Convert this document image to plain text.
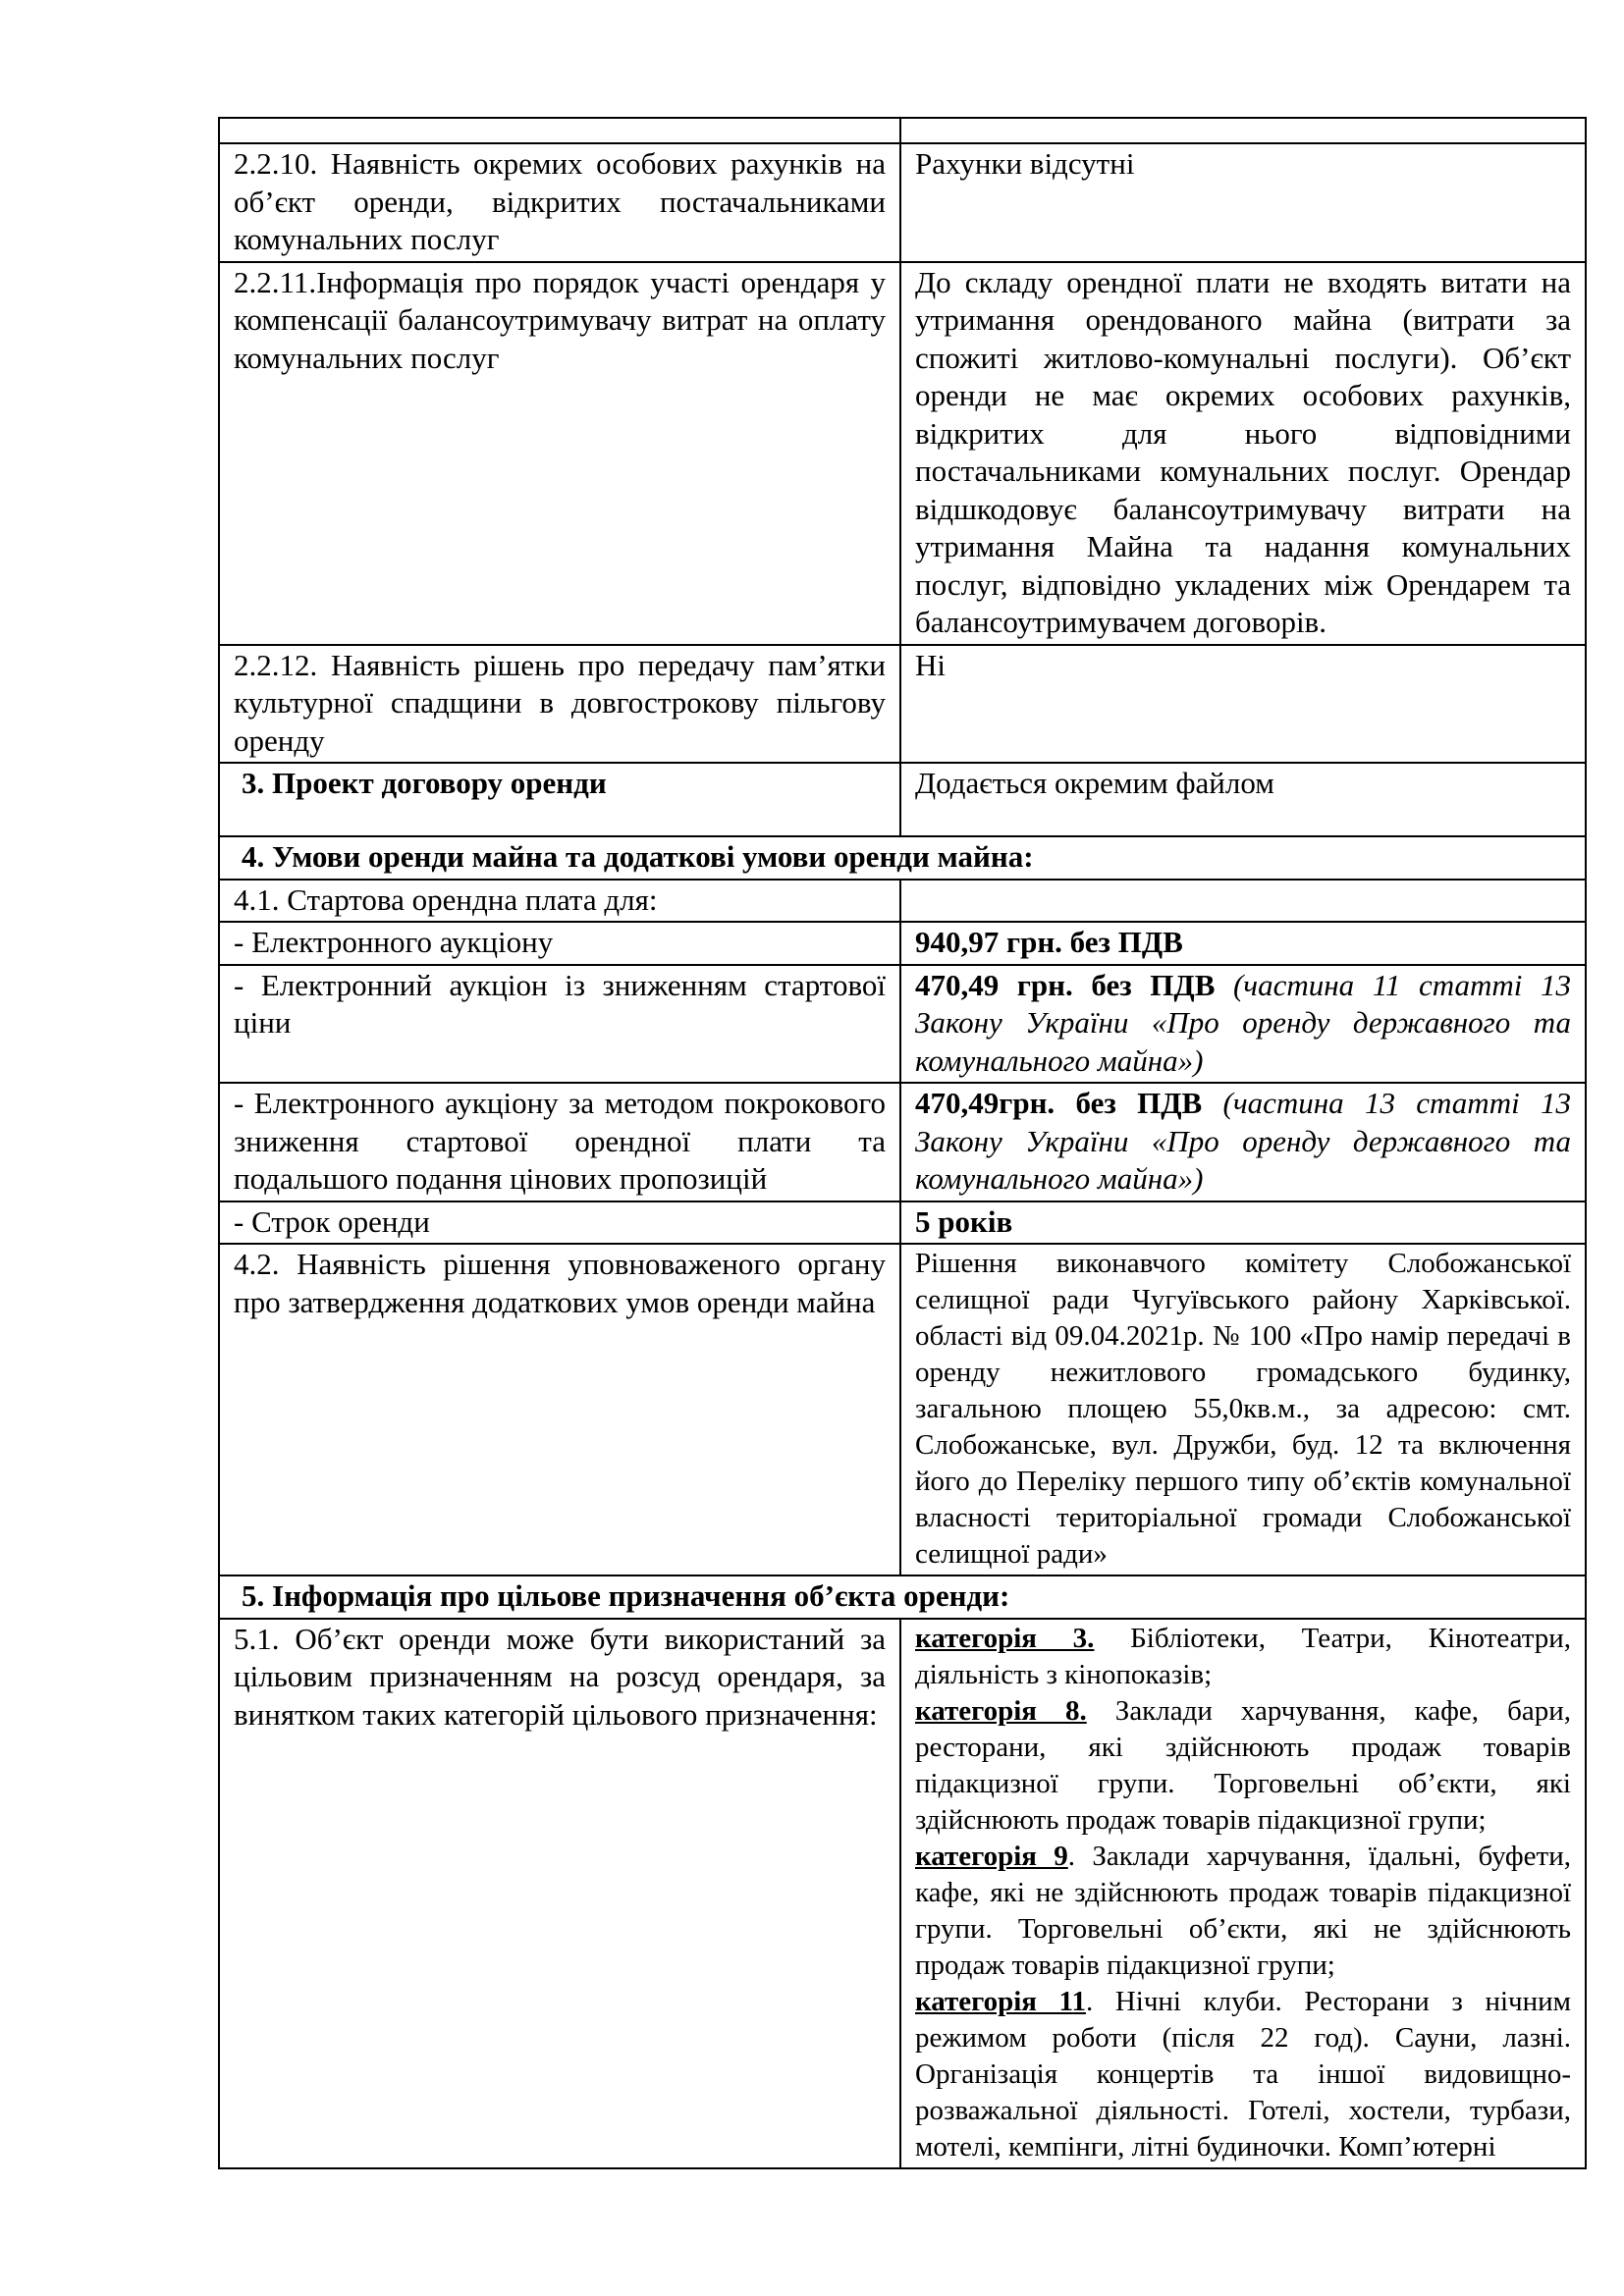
2.2.10. Наявність окремих особових рахунків на об’єкт оренди, відкритих постачальниками комунальних послуг	Рахунки відсутні
2.2.11.Інформація про порядок участі орендаря у компенсації балансоутримувачу витрат на оплату комунальних послуг	До складу орендної плати не входять витати на утримання орендованого майна (витрати за спожиті житлово-комунальні послуги). Об’єкт оренди не має окремих особових рахунків, відкритих для нього відповідними постачальниками комунальних послуг. Орендар відшкодовує балансоутримувачу витрати на утримання Майна та надання комунальних послуг, відповідно укладених між Орендарем та балансоутримувачем договорів.
2.2.12. Наявність рішень про передачу пам’ятки культурної спадщини в довгострокову пільгову оренду	Ні
3. Проект договору оренди	Додається окремим файлом
4. Умови оренди майна та додаткові умови оренди майна:	
4.1. Стартова орендна плата для:	
- Електронного аукціону	940,97 грн. без ПДВ
- Електронний аукціон із зниженням стартової ціни	470,49 грн. без ПДВ (частина 11 статті 13 Закону України «Про оренду державного та комунального майна»)
- Електронного аукціону за методом покрокового зниження стартової орендної плати та подальшого подання цінових пропозицій	470,49грн. без ПДВ (частина 13 статті 13 Закону України «Про оренду державного та комунального майна»)
- Строк оренди	5 років
4.2. Наявність рішення уповноваженого органу про затвердження додаткових умов оренди майна	Рішення виконавчого комітету Слобожанської селищної ради Чугуївського району Харківської. області від 09.04.2021р. № 100 «Про намір передачі в оренду нежитлового громадського будинку, загальною площею 55,0кв.м., за адресою: смт. Слобожанське, вул. Дружби, буд. 12 та включення його до Переліку першого типу об’єктів комунальної власності територіальної громади Слобожанської селищної ради»
5. Інформація про цільове призначення об’єкта оренди:	
5.1. Об’єкт оренди може бути використаний за цільовим призначенням на розсуд орендаря, за винятком таких категорій цільового призначення:	категорія 3. Бібліотеки, Театри, Кінотеатри, діяльність з кінопоказів;
категорія 8. Заклади харчування, кафе, бари, ресторани, які здійснюють продаж товарів підакцизної групи. Торговельні об’єкти, які здійснюють продаж товарів підакцизної групи;
категорія 9. Заклади харчування, їдальні, буфети, кафе, які не здійснюють продаж товарів підакцизної групи. Торговельні об’єкти, які не здійснюють продаж товарів підакцизної групи;
категорія 11. Нічні клуби. Ресторани з нічним режимом роботи (після 22 год). Сауни, лазні. Організація концертів та іншої видовищно-розважальної діяльності. Готелі, хостели, турбази, мотелі, кемпінги, літні будиночки. Комп’ютерні
